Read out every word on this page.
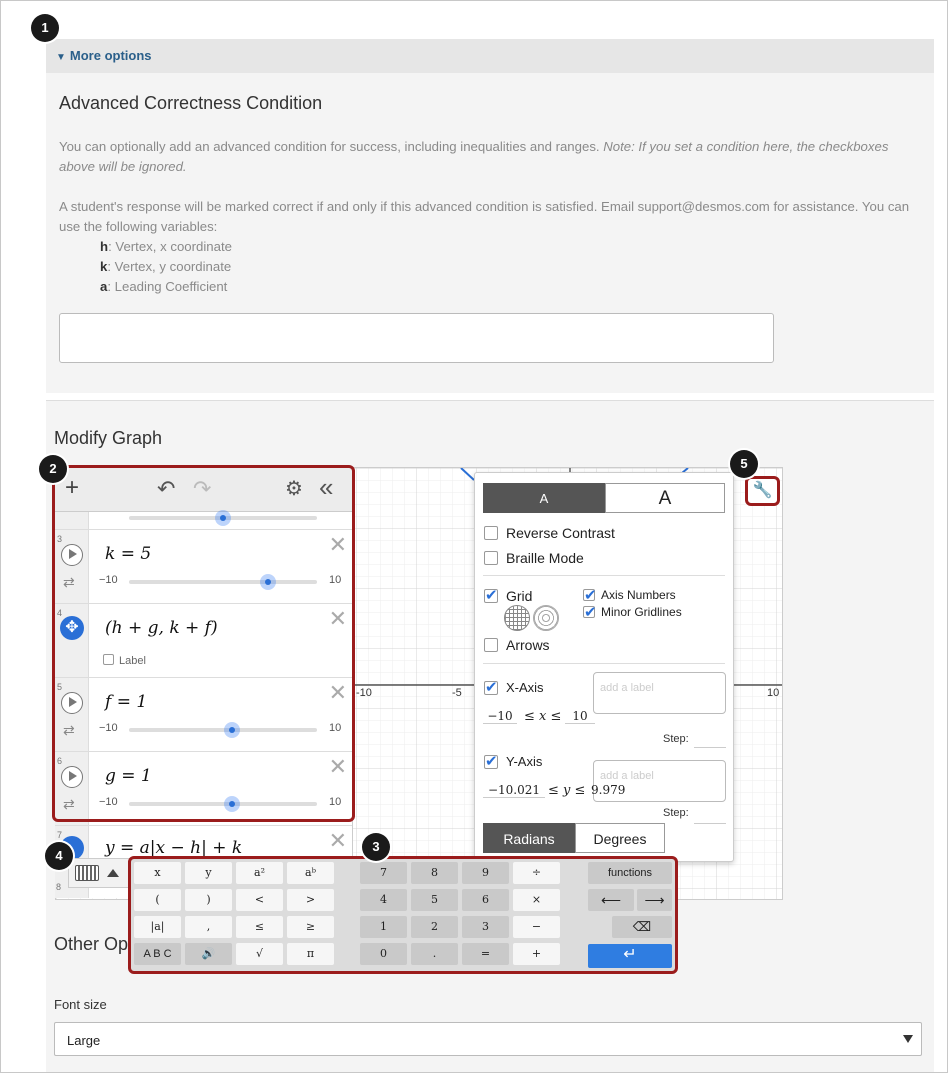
▼ More options
Advanced Correctness Condition
You can optionally add an advanced condition for success, including inequalities and ranges. Note: If you set a condition here, the checkboxes above will be ignored.
A student's response will be marked correct if and only if this advanced condition is satisfied. Email support@desmos.com for assistance. You can use the following variables:
h: Vertex, x coordinate
k: Vertex, y coordinate
a: Leading Coefficient
Modify Graph
Other Op
Font size
-10	-5	10
+	↶ ↷	⚙ «
3
⇄
k = 5	✕
−10	10
4
✥	(h + g, k + f)	✕
Label
5
⇄
f = 1	✕
−10	10
6
⇄
g = 1	✕
−10	10
7
y = a|x − h| + k	✕
A	A
Reverse Contrast
Braille Mode
✔
Grid ✔	Axis Numbers
✔
Minor Gridlines
Arrows
✔
X-Axis	add a label
−10 ≤ x ≤ 10
Step:
✔
Y-Axis
add a label
−10.021 ≤ y ≤ 9.979
Step:
Radians	Degrees
🔧
8
functions
⟵	⟶
⌫
↵
x	y	a²	aᵇ
(	)	<	>
|a|	,	≤	≥
A B C	🔊	√	π
7	8	9	÷
4	5	6	×
1	2	3	−
0	.	=	+
Large
1
2
3
4
5
